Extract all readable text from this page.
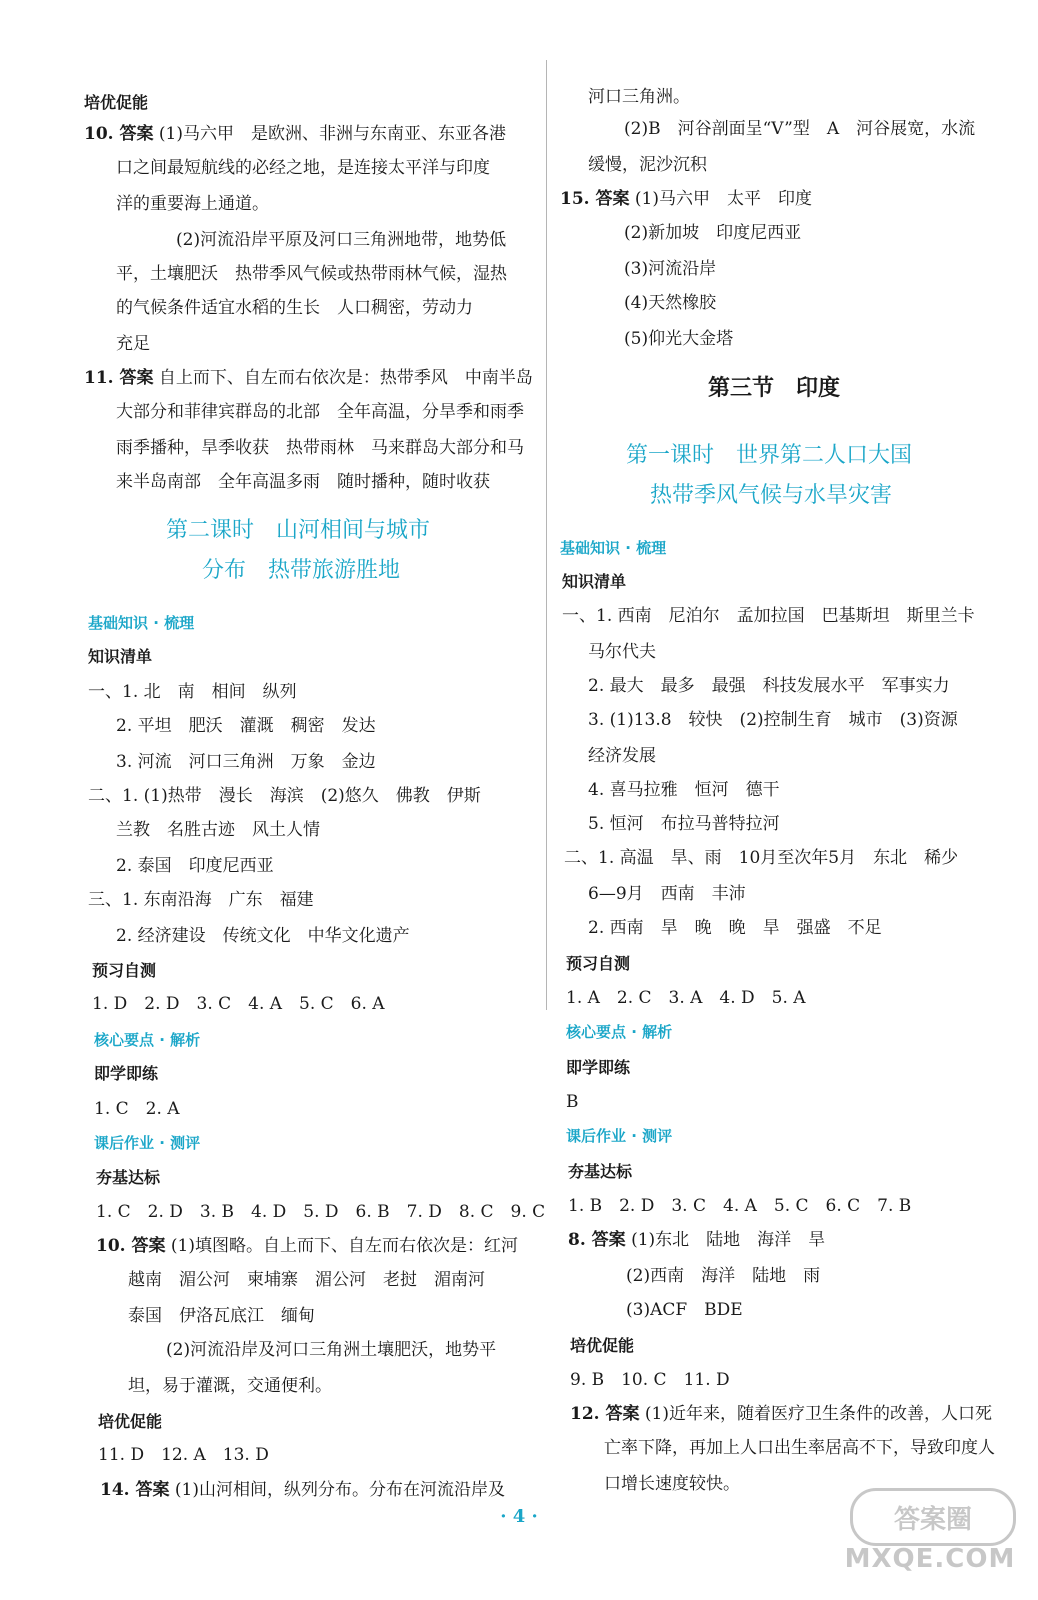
培优促能
10. 答案 (1)马六甲　是欧洲、非洲与东南亚、东亚各港
口之间最短航线的必经之地，是连接太平洋与印度
洋的重要海上通道。
(2)河流沿岸平原及河口三角洲地带，地势低
平，土壤肥沃　热带季风气候或热带雨林气候，湿热
的气候条件适宜水稻的生长　人口稠密，劳动力
充足
11. 答案 自上而下、自左而右依次是：热带季风　中南半岛
大部分和菲律宾群岛的北部　全年高温，分旱季和雨季
雨季播种，旱季收获　热带雨林　马来群岛大部分和马
来半岛南部　全年高温多雨　随时播种，随时收获
第二课时　山河相间与城市
分布　热带旅游胜地
基础知识 · 梳理
知识清单
一、1. 北　南　相间　纵列
2. 平坦　肥沃　灌溉　稠密　发达
3. 河流　河口三角洲　万象　金边
二、1. (1)热带　漫长　海滨　(2)悠久　佛教　伊斯
兰教　名胜古迹　风土人情
2. 泰国　印度尼西亚
三、1. 东南沿海　广东　福建
2. 经济建设　传统文化　中华文化遗产
预习自测
1. D　2. D　3. C　4. A　5. C　6. A
核心要点 · 解析
即学即练
1. C　2. A
课后作业 · 测评
夯基达标
1. C　2. D　3. B　4. D　5. D　6. B　7. D　8. C　9. C
10. 答案 (1)填图略。自上而下、自左而右依次是：红河
越南　湄公河　柬埔寨　湄公河　老挝　湄南河
泰国　伊洛瓦底江　缅甸
(2)河流沿岸及河口三角洲土壤肥沃，地势平
坦，易于灌溉，交通便利。
培优促能
11. D　12. A　13. D
14. 答案 (1)山河相间，纵列分布。分布在河流沿岸及
河口三角洲。
(2)B　河谷剖面呈“V”型　A　河谷展宽，水流
缓慢，泥沙沉积
15. 答案 (1)马六甲　太平　印度
(2)新加坡　印度尼西亚
(3)河流沿岸
(4)天然橡胶
(5)仰光大金塔
第三节　印度
第一课时　世界第二人口大国
热带季风气候与水旱灾害
基础知识 · 梳理
知识清单
一、1. 西南　尼泊尔　孟加拉国　巴基斯坦　斯里兰卡
马尔代夫
2. 最大　最多　最强　科技发展水平　军事实力
3. (1)13.8　较快　(2)控制生育　城市　(3)资源
经济发展
4. 喜马拉雅　恒河　德干
5. 恒河　布拉马普特拉河
二、1. 高温　旱、雨　10月至次年5月　东北　稀少
6—9月　西南　丰沛
2. 西南　旱　晚　晚　旱　强盛　不足
预习自测
1. A　2. C　3. A　4. D　5. A
核心要点 · 解析
即学即练
B
课后作业 · 测评
夯基达标
1. B　2. D　3. C　4. A　5. C　6. C　7. B
8. 答案 (1)东北　陆地　海洋　旱
(2)西南　海洋　陆地　雨
(3)ACF　BDE
培优促能
9. B　10. C　11. D
12. 答案 (1)近年来，随着医疗卫生条件的改善，人口死
亡率下降，再加上人口出生率居高不下，导致印度人
口增长速度较快。
· 4 ·	答案圈
MXQE.COM
